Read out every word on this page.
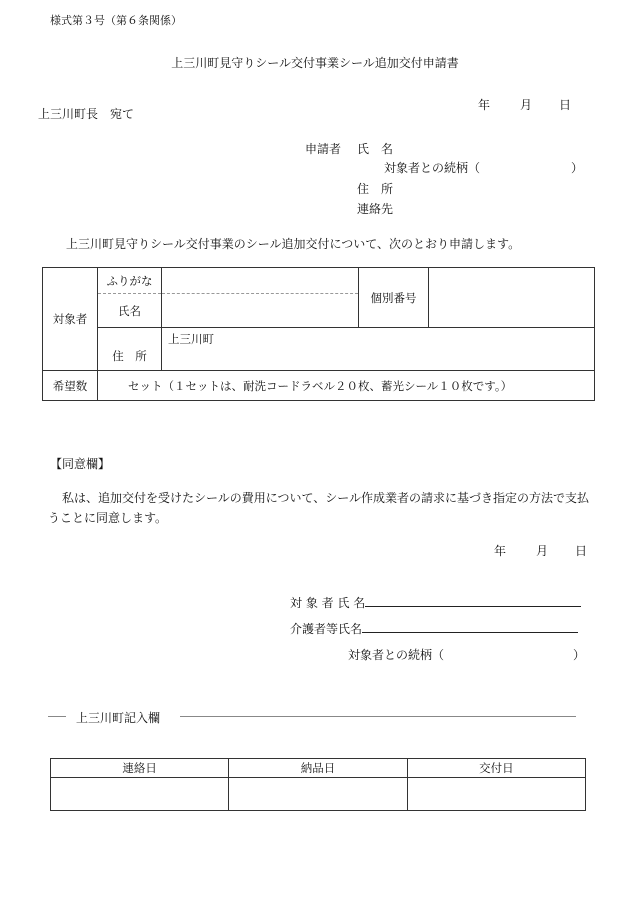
様式第３号（第６条関係）
上三川町見守りシール交付事業シール追加交付申請書
年 月 日
上三川町長　宛て
申請者 氏　名
対象者との続柄（	）
住　所
連絡先
上三川町見守りシール交付事業のシール追加交付について、次のとおり申請します。
対象者	ふりがな		個別番号	
	氏名			
	住　所	上三川町		
希望数	セット（１セットは、耐洗コードラベル２０枚、蓄光シール１０枚です。）			
【同意欄】
私は、追加交付を受けたシールの費用について、シール作成業者の請求に基づき指定の方法で支払うことに同意します。
年 月 日
対 象 者 氏 名
介護者等氏名
対象者との続柄（	）
上三川町記入欄
連絡日	納品日	交付日
